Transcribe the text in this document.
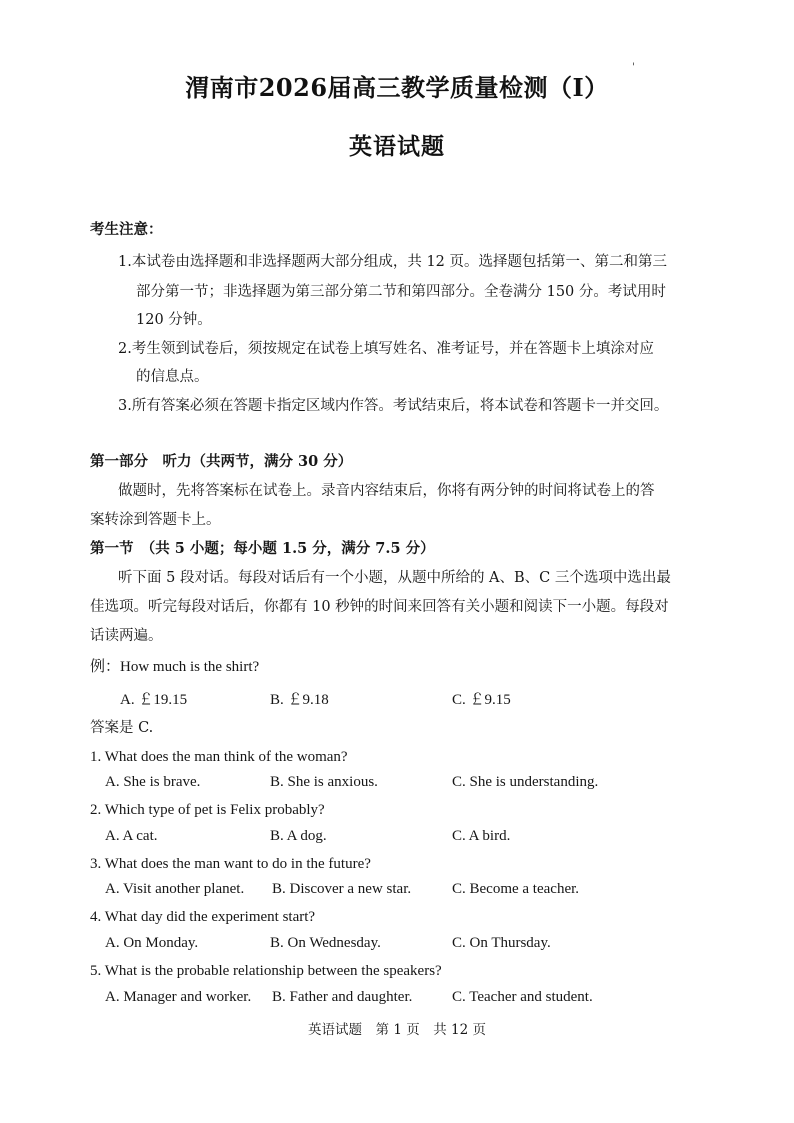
渭南市2026届高三教学质量检测（I）
'
英语试题
考生注意：
1.本试卷由选择题和非选择题两大部分组成，共 12 页。选择题包括第一、第二和第三
部分第一节；非选择题为第三部分第二节和第四部分。全卷满分 150 分。考试用时
120 分钟。
2.考生领到试卷后，须按规定在试卷上填写姓名、准考证号，并在答题卡上填涂对应
的信息点。
3.所有答案必须在答题卡指定区域内作答。考试结束后，将本试卷和答题卡一并交回。
第一部分　听力（共两节，满分 30 分）
做题时，先将答案标在试卷上。录音内容结束后，你将有两分钟的时间将试卷上的答
案转涂到答题卡上。
第一节　（共 5 小题；每小题 1.5 分，满分 7.5 分）
听下面 5 段对话。每段对话后有一个小题，从题中所给的 A、B、C 三个选项中选出最
佳选项。听完每段对话后，你都有 10 秒钟的时间来回答有关小题和阅读下一小题。每段对
话读两遍。
例：How much is the shirt?
A. ￡19.15	B. ￡9.18	C. ￡9.15
答案是 C.
1. What does the man think of the woman?
A. She is brave.	B. She is anxious.	C. She is understanding.
2. Which type of pet is Felix probably?
A. A cat.	B. A dog.	C. A bird.
3. What does the man want to do in the future?
A. Visit another planet. B. Discover a new star.	C. Become a teacher.
4. What day did the experiment start?
A. On Monday.	B. On Wednesday.	C. On Thursday.
5. What is the probable relationship between the speakers?
A. Manager and worker. B. Father and daughter.	C. Teacher and student.
英语试题　第 1 页　共 12 页
